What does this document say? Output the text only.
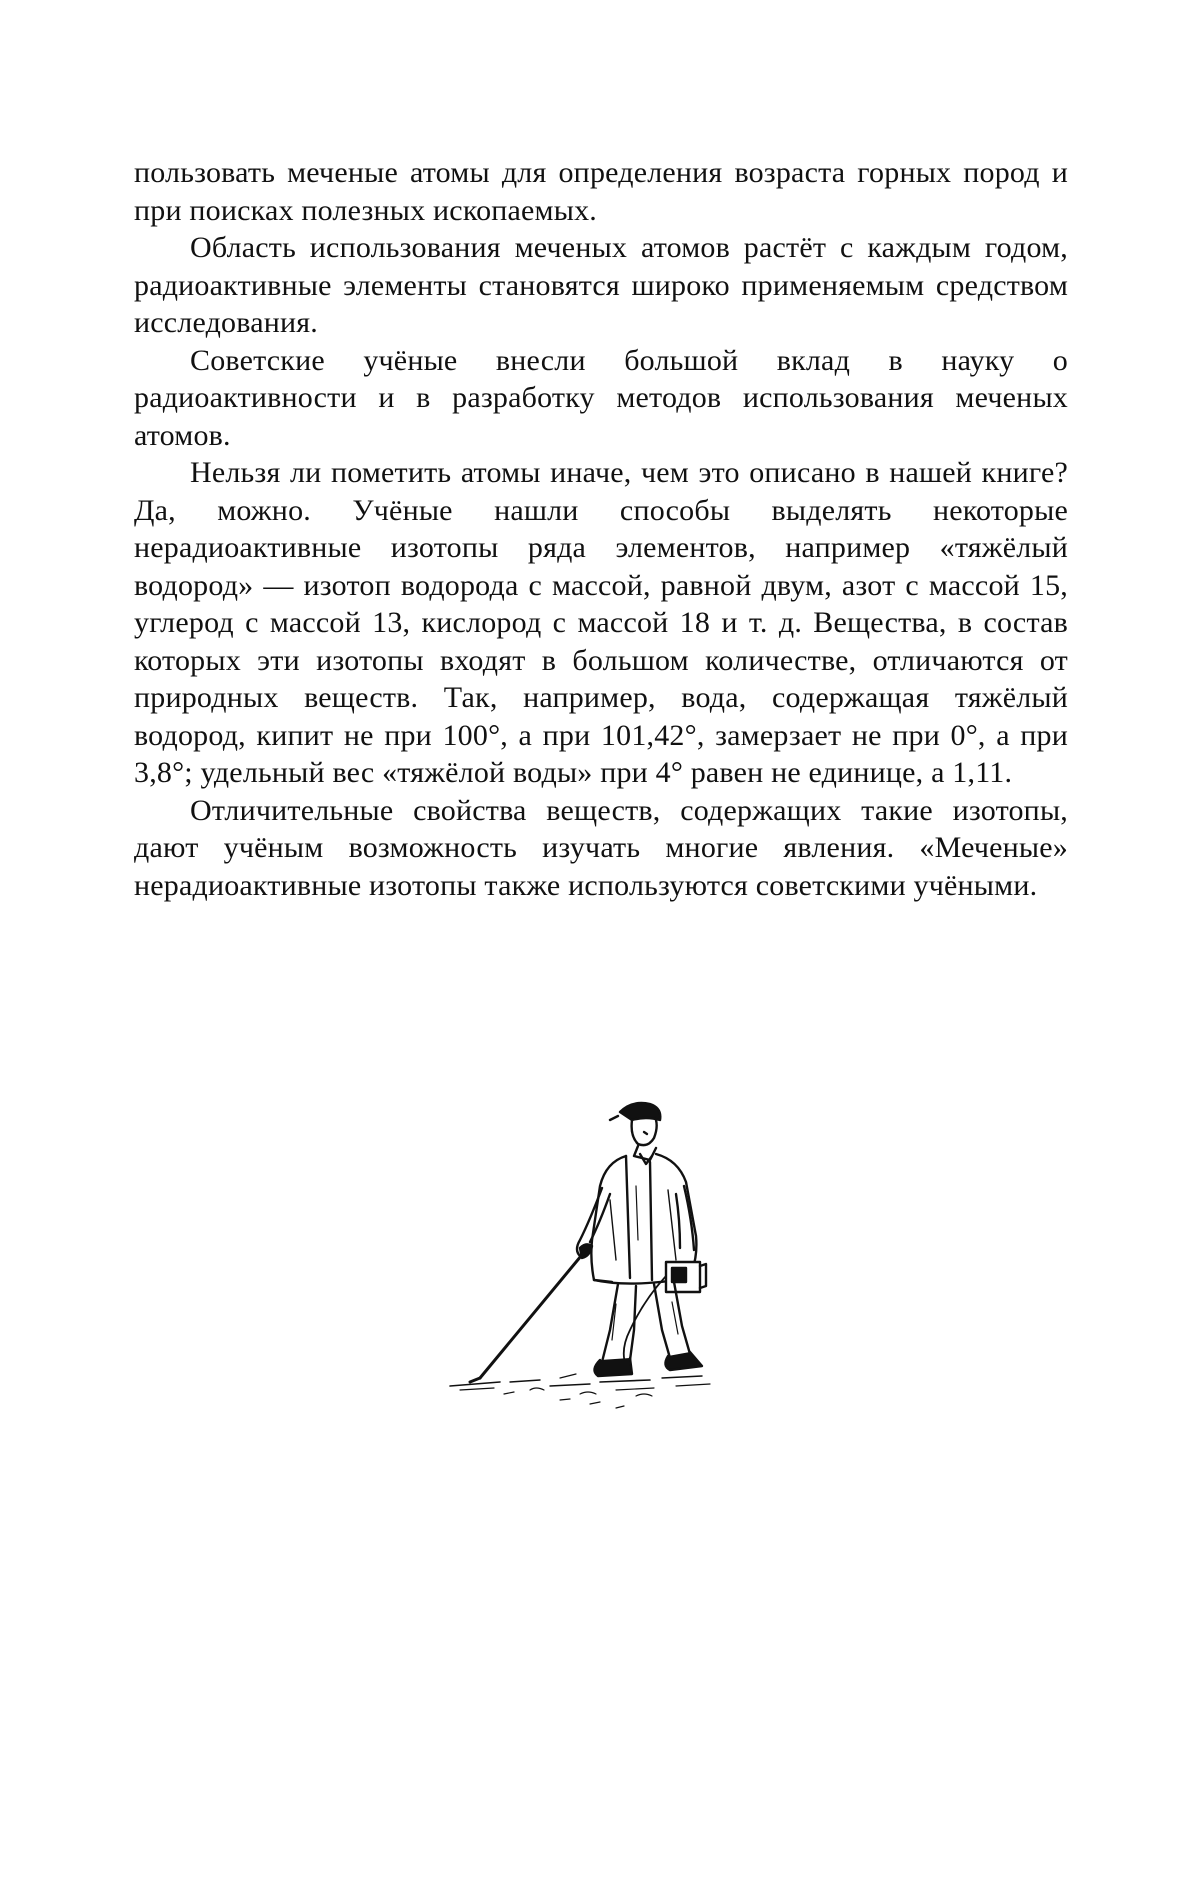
пользовать меченые атомы для определения возраста горных пород и при поисках полезных ископаемых.

Область использования меченых атомов растёт с каждым годом, радиоактивные элементы становятся широко применяемым средством исследования.

Советские учёные внесли большой вклад в науку о радиоактивности и в разработку методов использования меченых атомов.

Нельзя ли пометить атомы иначе, чем это описано в нашей книге? Да, можно. Учёные нашли способы выделять некоторые нерадиоактивные изотопы ряда элементов, например «тяжёлый водород» — изотоп водорода с массой, равной двум, азот с массой 15, углерод с массой 13, кислород с массой 18 и т. д. Вещества, в состав которых эти изотопы входят в большом количестве, отличаются от природных веществ. Так, например, вода, содержащая тяжёлый водород, кипит не при 100°, а при 101,42°, замерзает не при 0°, а при 3,8°; удельный вес «тяжёлой воды» при 4° равен не единице, а 1,11.

Отличительные свойства веществ, содержащих такие изотопы, дают учёным возможность изучать многие явления. «Меченые» нерадиоактивные изотопы также используются советскими учёными.
